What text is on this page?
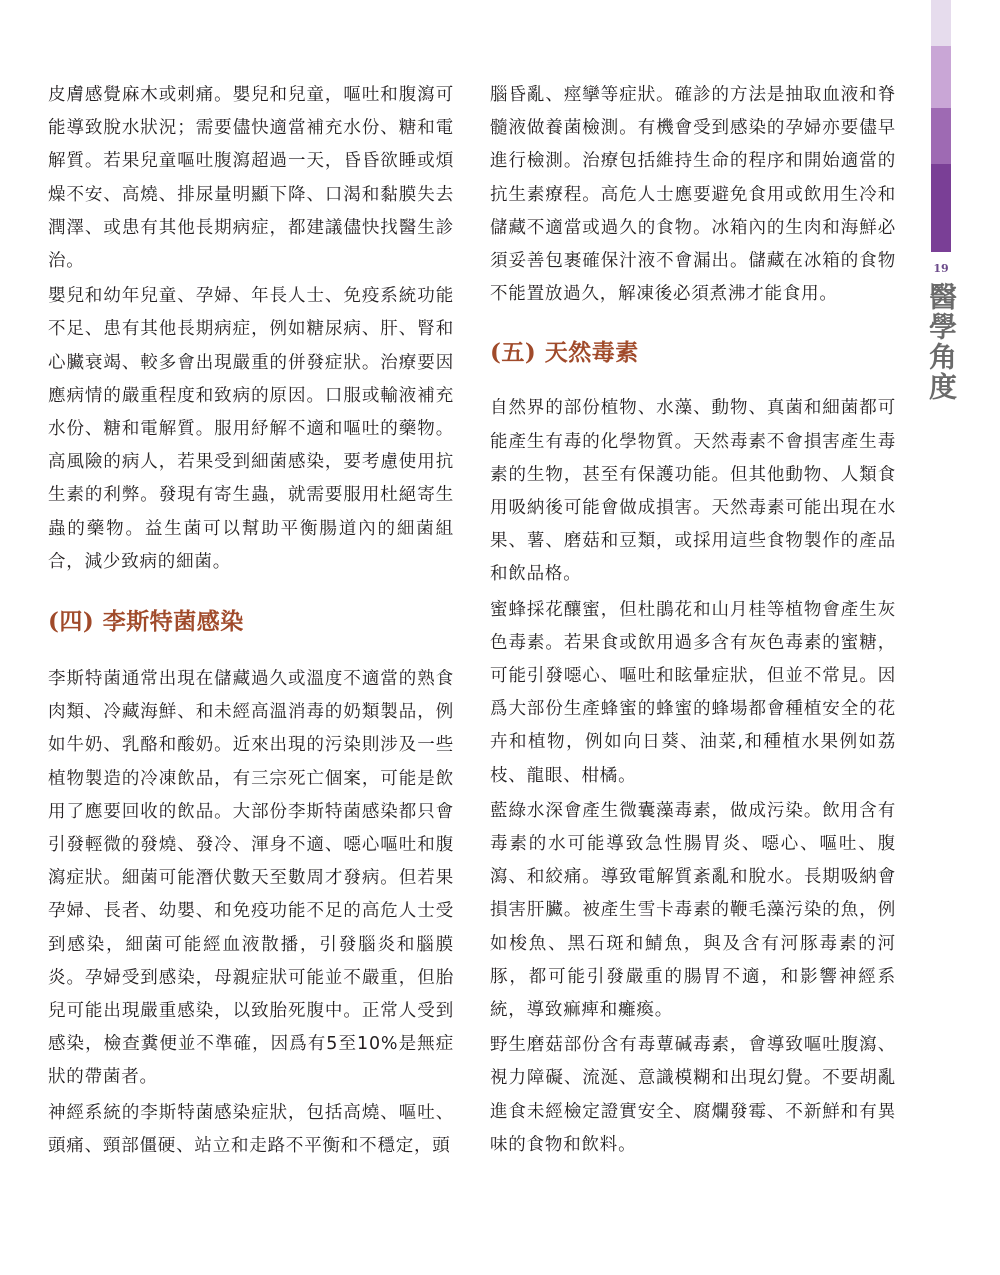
19
醫學角度

皮膚感覺麻木或刺痛。嬰兒和兒童，嘔吐和腹瀉可能導致脫水狀況；需要儘快適當補充水份、糖和電解質。若果兒童嘔吐腹瀉超過一天，昏昏欲睡或煩燥不安、高燒、排尿量明顯下降、口渴和黏膜失去潤澤、或患有其他長期病症，都建議儘快找醫生診治。

嬰兒和幼年兒童、孕婦、年長人士、免疫系統功能不足、患有其他長期病症，例如糖尿病、肝、腎和心臟衰竭、較多會出現嚴重的併發症狀。治療要因應病情的嚴重程度和致病的原因。口服或輸液補充水份、糖和電解質。服用紓解不適和嘔吐的藥物。高風險的病人，若果受到細菌感染，要考慮使用抗生素的利弊。發現有寄生蟲，就需要服用杜絕寄生蟲的藥物。益生菌可以幫助平衡腸道內的細菌組合，減少致病的細菌。

(四) 李斯特菌感染

李斯特菌通常出現在儲藏過久或溫度不適當的熟食肉類、冷藏海鮮、和未經高溫消毒的奶類製品，例如牛奶、乳酪和酸奶。近來出現的污染則涉及一些植物製造的冷凍飲品，有三宗死亡個案，可能是飲用了應要回收的飲品。大部份李斯特菌感染都只會引發輕微的發燒、發冷、渾身不適、噁心嘔吐和腹瀉症狀。細菌可能潛伏數天至數周才發病。但若果孕婦、長者、幼嬰、和免疫功能不足的高危人士受到感染，細菌可能經血液散播，引發腦炎和腦膜炎。孕婦受到感染，母親症狀可能並不嚴重，但胎兒可能出現嚴重感染，以致胎死腹中。正常人受到感染，檢查糞便並不準確，因爲有5至10%是無症狀的帶菌者。

神經系統的李斯特菌感染症狀，包括高燒、嘔吐、頭痛、頸部僵硬、站立和走路不平衡和不穩定，頭

腦昏亂、痙攣等症狀。確診的方法是抽取血液和脊髓液做養菌檢測。有機會受到感染的孕婦亦要儘早進行檢測。治療包括維持生命的程序和開始適當的抗生素療程。高危人士應要避免食用或飲用生冷和儲藏不適當或過久的食物。冰箱內的生肉和海鮮必須妥善包裹確保汁液不會漏出。儲藏在冰箱的食物不能置放過久，解凍後必須煮沸才能食用。

(五) 天然毒素

自然界的部份植物、水藻、動物、真菌和細菌都可能產生有毒的化學物質。天然毒素不會損害產生毒素的生物，甚至有保護功能。但其他動物、人類食用吸納後可能會做成損害。天然毒素可能出現在水果、薯、磨菇和豆類，或採用這些食物製作的產品和飲品格。

蜜蜂採花釀蜜，但杜鵑花和山月桂等植物會產生灰色毒素。若果食或飲用過多含有灰色毒素的蜜糖，可能引發噁心、嘔吐和眩暈症狀，但並不常見。因爲大部份生產蜂蜜的蜂蜜的蜂場都會種植安全的花卉和植物，例如向日葵、油菜,和種植水果例如荔枝、龍眼、柑橘。

藍綠水深會產生微囊藻毒素，做成污染。飲用含有毒素的水可能導致急性腸胃炎、噁心、嘔吐、腹瀉、和絞痛。導致電解質紊亂和脫水。長期吸納會損害肝臟。被產生雪卡毒素的鞭毛藻污染的魚，例如梭魚、黑石斑和鯖魚，與及含有河豚毒素的河豚，都可能引發嚴重的腸胃不適，和影響神經系統，導致痲痺和癱瘓。

野生磨菇部份含有毒蕈碱毒素，會導致嘔吐腹瀉、視力障礙、流涎、意識模糊和出現幻覺。不要胡亂進食未經檢定證實安全、腐爛發霉、不新鮮和有異味的食物和飲料。
